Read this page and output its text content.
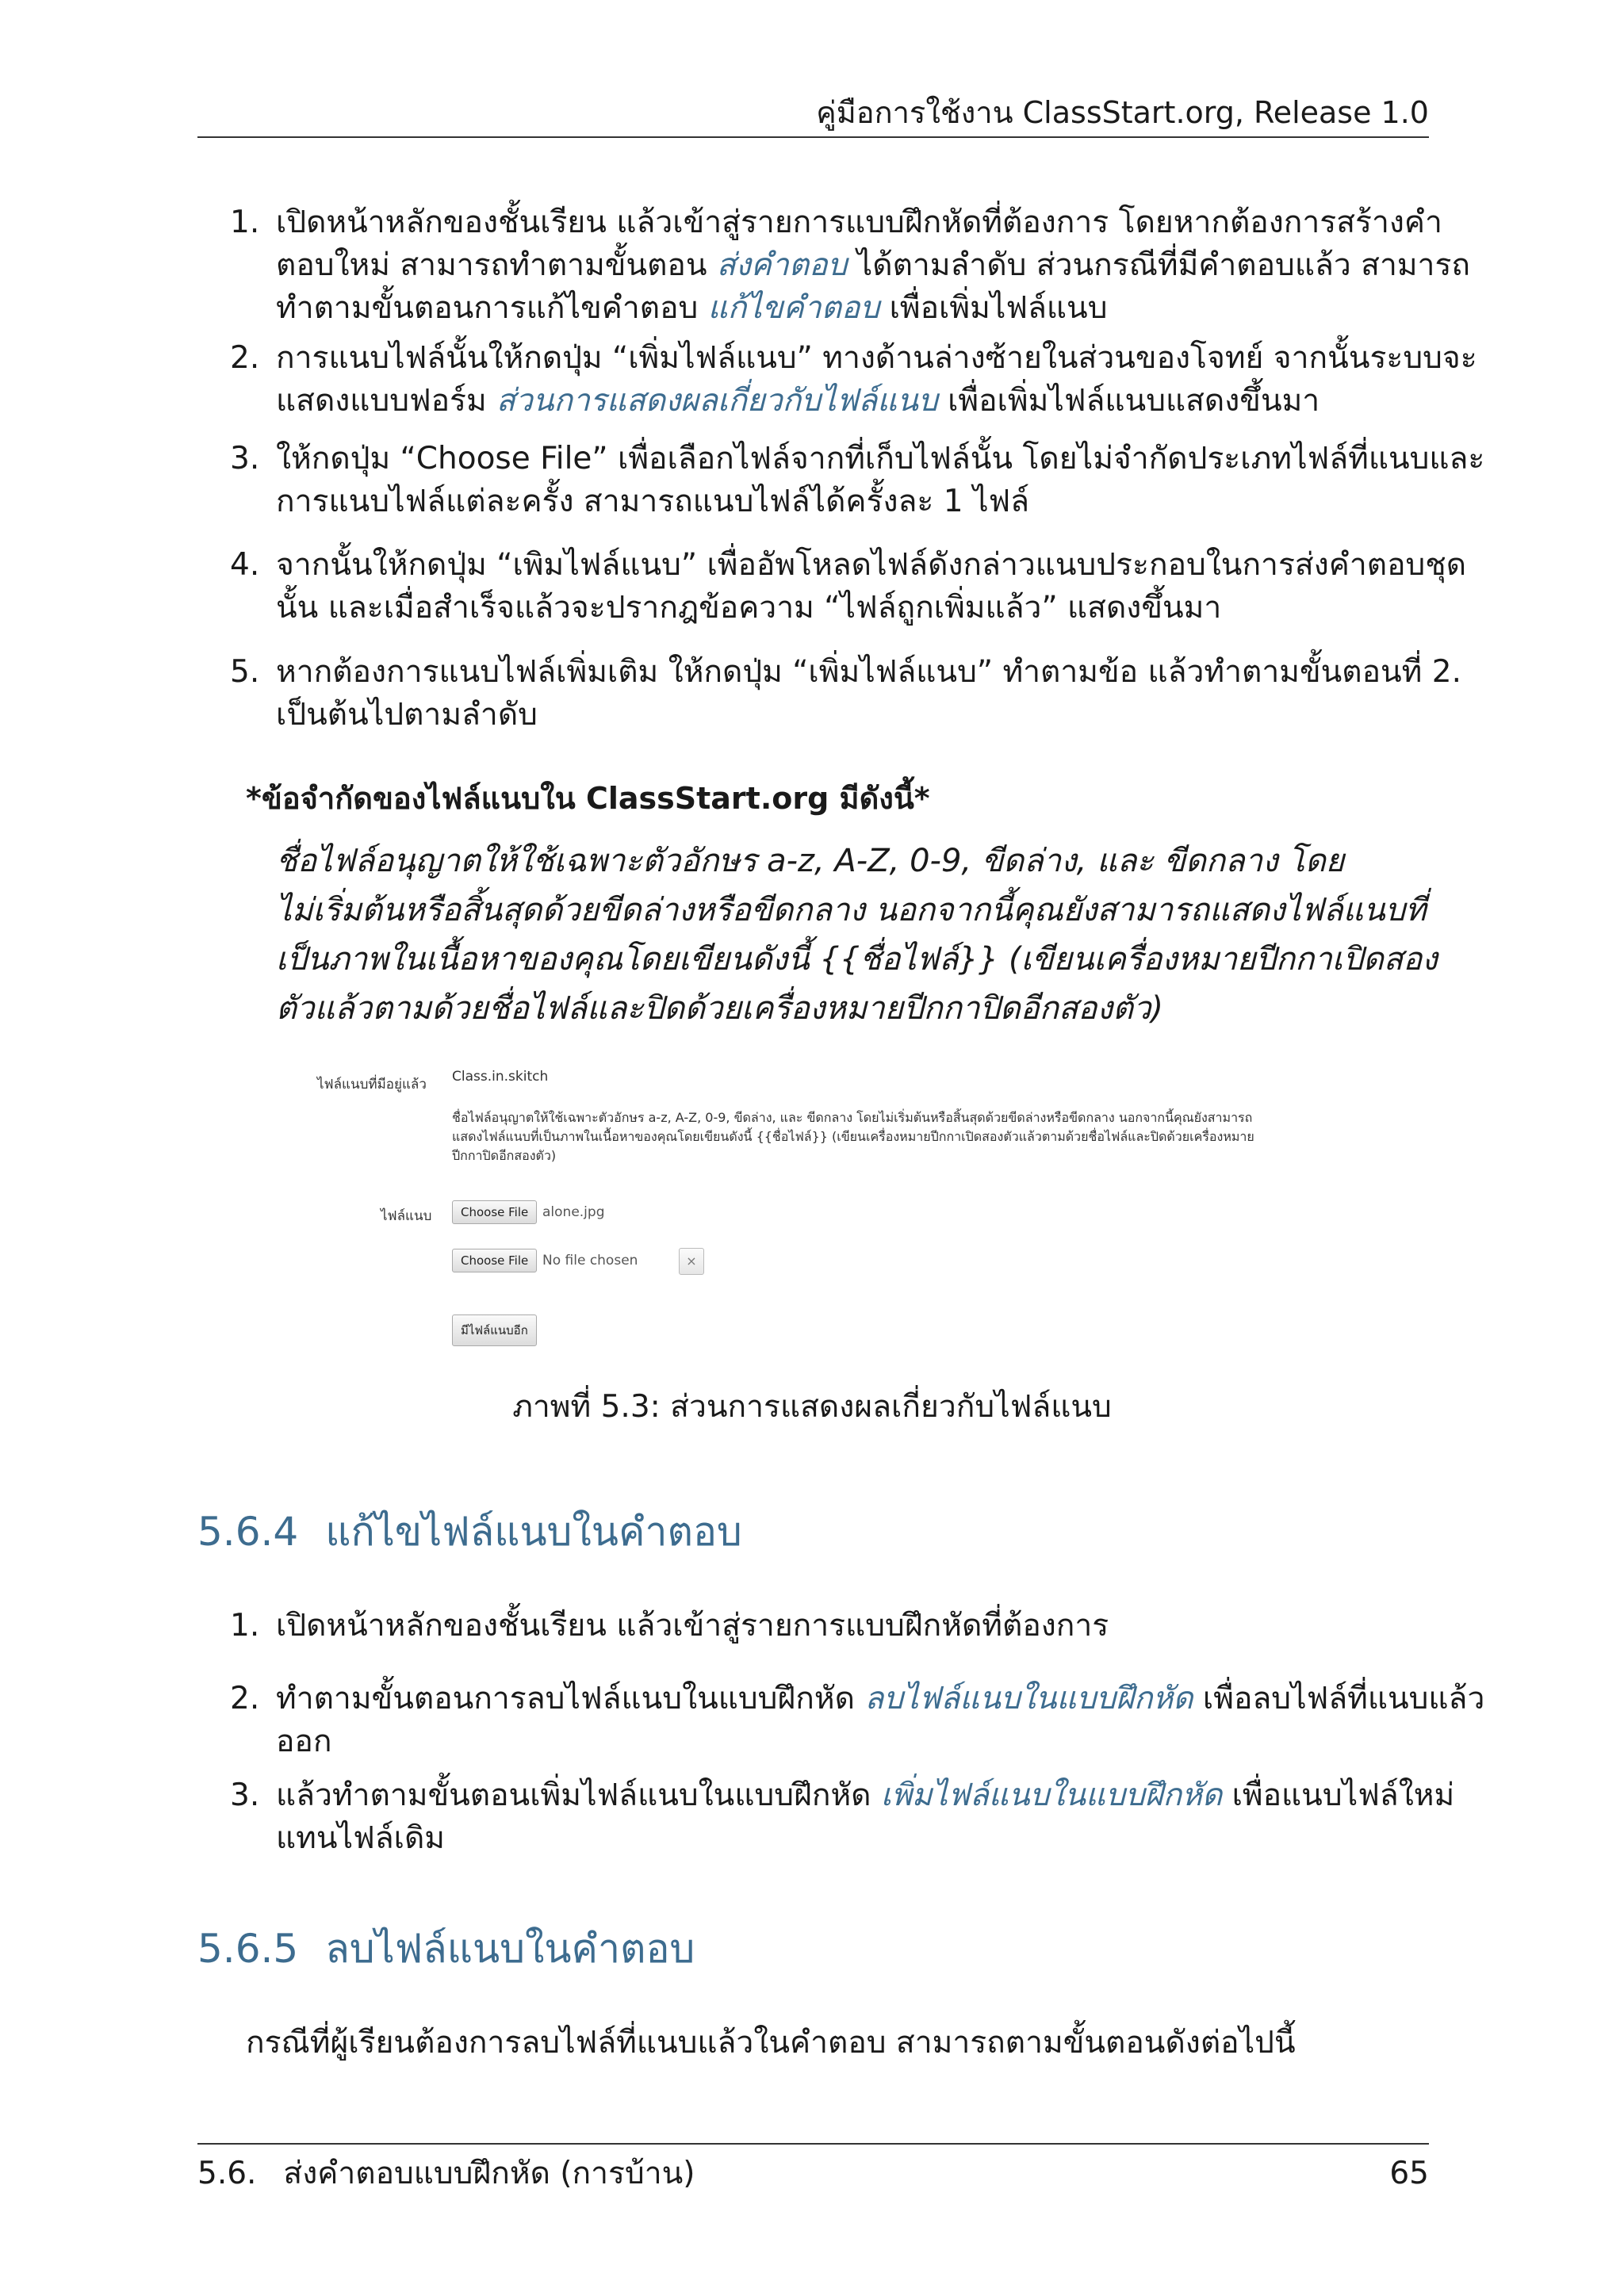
คู่มือการใช้งาน ClassStart.org, Release 1.0
1. เปิดหน้าหลักของชั้นเรียน แล้วเข้าสู่รายการแบบฝึกหัดที่ต้องการ โดยหากต้องการสร้างคำ
ตอบใหม่ สามารถทำตามขั้นตอน ส่งคำตอบ ได้ตามลำดับ ส่วนกรณีที่มีคำตอบแล้ว สามารถ
ทำตามขั้นตอนการแก้ไขคำตอบ แก้ไขคำตอบ เพื่อเพิ่มไฟล์แนบ
2. การแนบไฟล์นั้นให้กดปุ่ม “เพิ่มไฟล์แนบ” ทางด้านล่างซ้ายในส่วนของโจทย์ จากนั้นระบบจะ
แสดงแบบฟอร์ม ส่วนการแสดงผลเกี่ยวกับไฟล์แนบ เพื่อเพิ่มไฟล์แนบแสดงขึ้นมา
3. ให้กดปุ่ม “Choose File” เพื่อเลือกไฟล์จากที่เก็บไฟล์นั้น โดยไม่จำกัดประเภทไฟล์ที่แนบและ
การแนบไฟล์แต่ละครั้ง สามารถแนบไฟล์ได้ครั้งละ 1 ไฟล์
4. จากนั้นให้กดปุ่ม “เพิมไฟล์แนบ” เพื่ออัพโหลดไฟล์ดังกล่าวแนบประกอบในการส่งคำตอบชุด
นั้น และเมื่อสำเร็จแล้วจะปรากฎข้อความ “ไฟล์ถูกเพิ่มแล้ว” แสดงขึ้นมา
5. หากต้องการแนบไฟล์เพิ่มเติม ให้กดปุ่ม “เพิ่มไฟล์แนบ” ทำตามข้อ แล้วทำตามขั้นตอนที่ 2.
เป็นต้นไปตามลำดับ
*ข้อจำกัดของไฟล์แนบใน ClassStart.org มีดังนี้*
ชื่อไฟล์อนุญาตให้ใช้เฉพาะตัวอักษร a-z, A-Z, 0-9, ขีดล่าง, และ ขีดกลาง โดย
ไม่เริ่มต้นหรือสิ้นสุดด้วยขีดล่างหรือขีดกลาง นอกจากนี้คุณยังสามารถแสดงไฟล์แนบที่
เป็นภาพในเนื้อหาของคุณโดยเขียนดังนี้ {{ชื่อไฟล์}} (เขียนเครื่องหมายปีกกาเปิดสอง
ตัวแล้วตามด้วยชื่อไฟล์และปิดด้วยเครื่องหมายปีกกาปิดอีกสองตัว)
ไฟล์แนบที่มีอยู่แล้ว Class.in.skitch
ชื่อไฟล์อนุญาตให้ใช้เฉพาะตัวอักษร a-z, A-Z, 0-9, ขีดล่าง, และ ขีดกลาง โดยไม่เริ่มต้นหรือสิ้นสุดด้วยขีดล่างหรือขีดกลาง นอกจากนี้คุณยังสามารถ
แสดงไฟล์แนบที่เป็นภาพในเนื้อหาของคุณโดยเขียนดังนี้ {{ชื่อไฟล์}} (เขียนเครื่องหมายปีกกาเปิดสองตัวแล้วตามด้วยชื่อไฟล์และปิดด้วยเครื่องหมาย
ปีกกาปิดอีกสองตัว)
ไฟล์แนบ	Choose File	alone.jpg
Choose File	No file chosen	×
มีไฟล์แนบอีก
ภาพที่ 5.3: ส่วนการแสดงผลเกี่ยวกับไฟล์แนบ
5.6.4 แก้ไขไฟล์แนบในคำตอบ
1. เปิดหน้าหลักของชั้นเรียน แล้วเข้าสู่รายการแบบฝึกหัดที่ต้องการ
2. ทำตามขั้นตอนการลบไฟล์แนบในแบบฝึกหัด ลบไฟล์แนบในแบบฝึกหัด เพื่อลบไฟล์ที่แนบแล้ว
ออก
3. แล้วทำตามขั้นตอนเพิ่มไฟล์แนบในแบบฝึกหัด เพิ่มไฟล์แนบในแบบฝึกหัด เพื่อแนบไฟล์ใหม่
แทนไฟล์เดิม
5.6.5 ลบไฟล์แนบในคำตอบ
กรณีที่ผู้เรียนต้องการลบไฟล์ที่แนบแล้วในคำตอบ สามารถตามขั้นตอนดังต่อไปนี้
5.6. ส่งคำตอบแบบฝึกหัด (การบ้าน)	65
